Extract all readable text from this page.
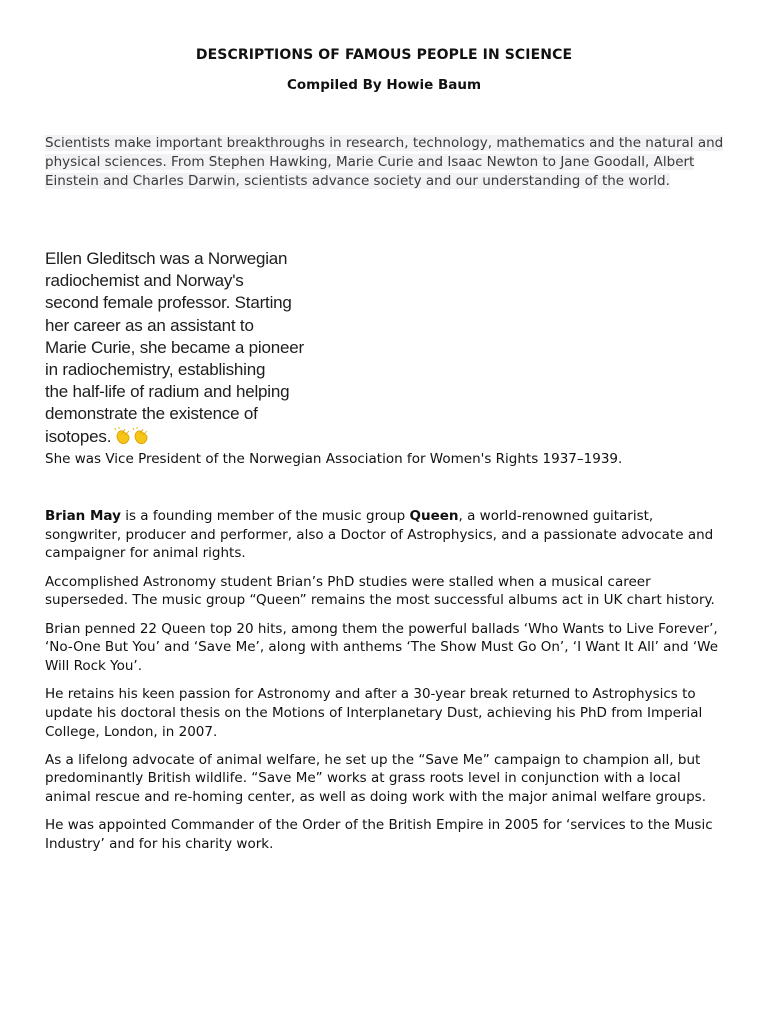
DESCRIPTIONS OF FAMOUS PEOPLE IN SCIENCE
Compiled By Howie Baum
Scientists make important breakthroughs in research, technology, mathematics and the natural and physical sciences. From Stephen Hawking, Marie Curie and Isaac Newton to Jane Goodall, Albert Einstein and Charles Darwin, scientists advance society and our understanding of the world.
Ellen Gleditsch was a Norwegian
radiochemist and Norway's
second female professor. Starting
her career as an assistant to
Marie Curie, she became a pioneer
in radiochemistry, establishing
the half-life of radium and helping
demonstrate the existence of
isotopes.
She was Vice President of the Norwegian Association for Women's Rights 1937–1939.

Brian May is a founding member of the music group Queen, a world-renowned guitarist, songwriter, producer and performer, also a Doctor of Astrophysics, and a passionate advocate and campaigner for animal rights.

Accomplished Astronomy student Brian’s PhD studies were stalled when a musical career superseded. The music group “Queen” remains the most successful albums act in UK chart history.

Brian penned 22 Queen top 20 hits, among them the powerful ballads ‘Who Wants to Live Forever’, ‘No-One But You’ and ‘Save Me’, along with anthems ‘The Show Must Go On’, ‘I Want It All’ and ‘We Will Rock You’.

He retains his keen passion for Astronomy and after a 30-year break returned to Astrophysics to update his doctoral thesis on the Motions of Interplanetary Dust, achieving his PhD from Imperial College, London, in 2007.

As a lifelong advocate of animal welfare, he set up the “Save Me” campaign to champion all, but predominantly British wildlife. “Save Me” works at grass roots level in conjunction with a local animal rescue and re-homing center, as well as doing work with the major animal welfare groups.

He was appointed Commander of the Order of the British Empire in 2005 for ‘services to the Music Industry’ and for his charity work.
